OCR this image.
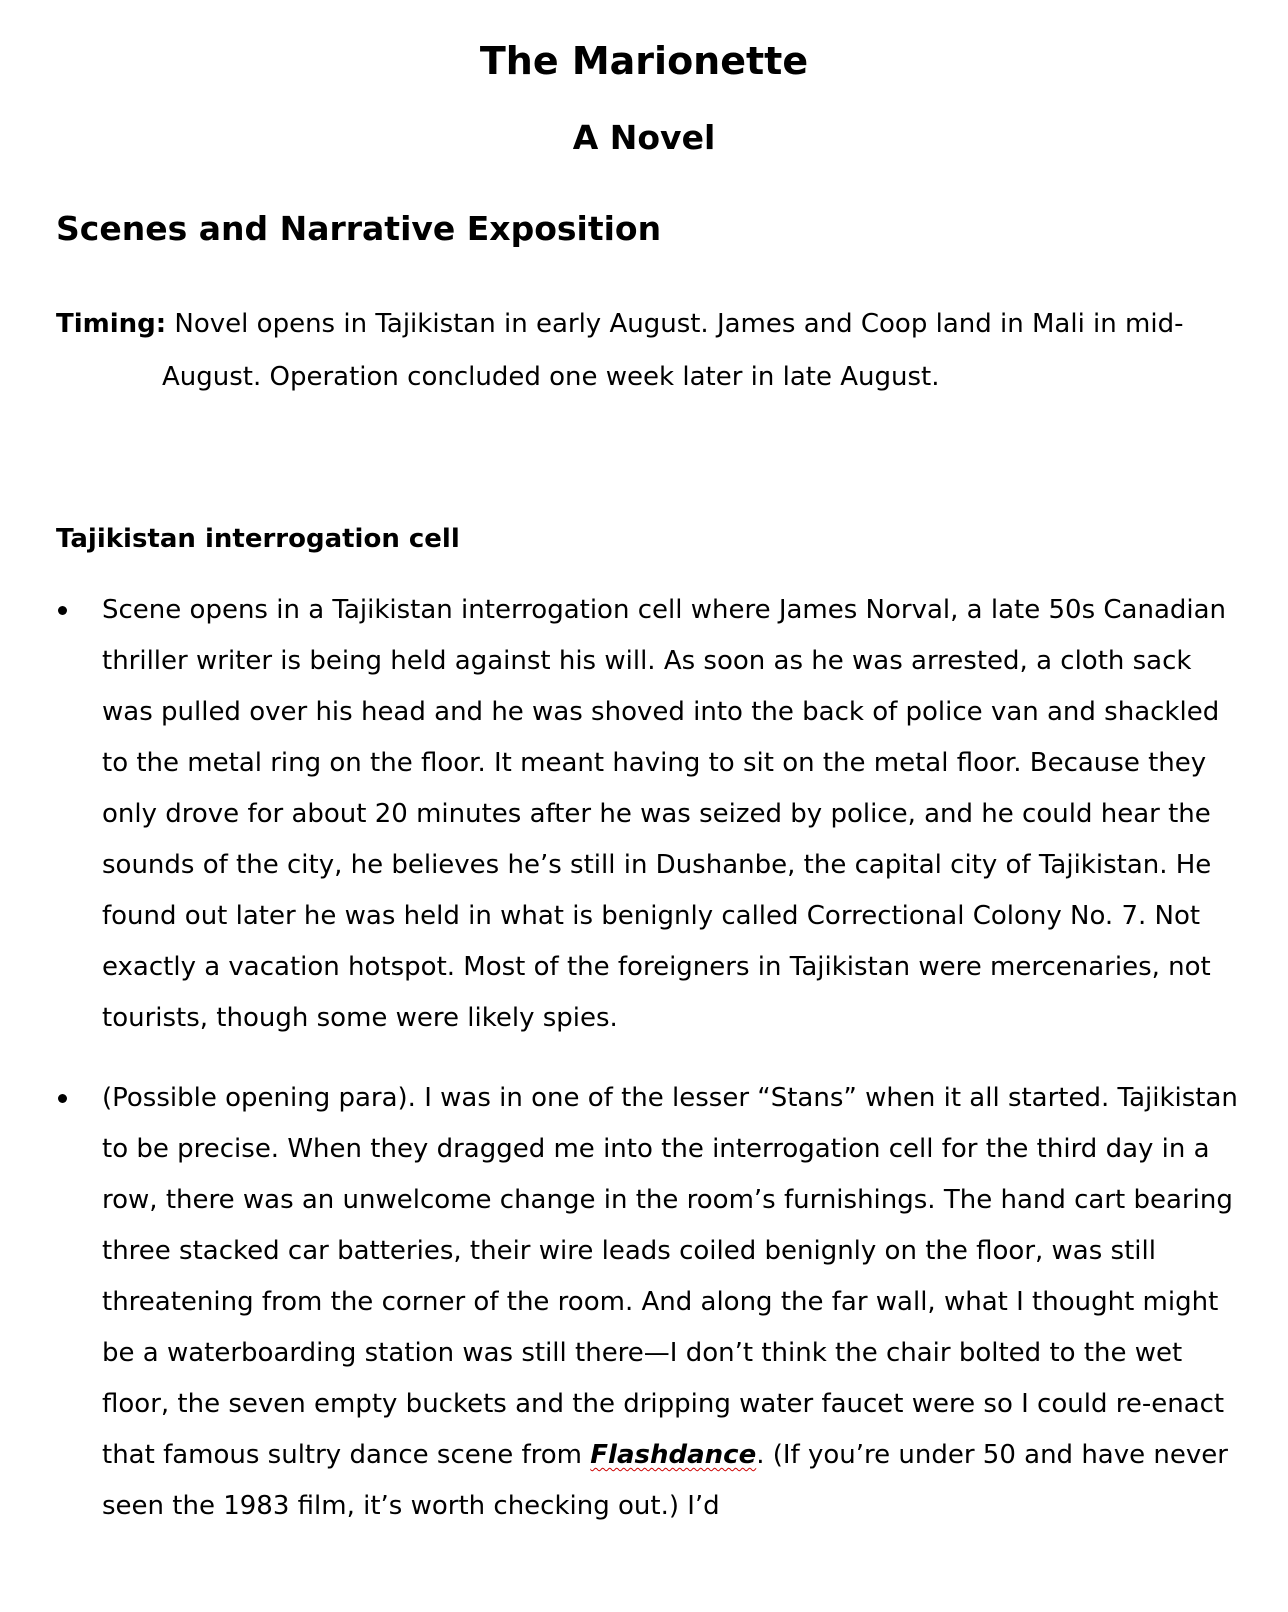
The Marionette
A Novel
Scenes and Narrative Exposition
Timing: Novel opens in Tajikistan in early August. James and Coop land in Mali in mid-August. Operation concluded one week later in late August.
Tajikistan interrogation cell
Scene opens in a Tajikistan interrogation cell where James Norval, a late 50s Canadian thriller writer is being held against his will. As soon as he was arrested, a cloth sack was pulled over his head and he was shoved into the back of police van and shackled to the metal ring on the floor. It meant having to sit on the metal floor. Because they only drove for about 20 minutes after he was seized by police, and he could hear the sounds of the city, he believes he’s still in Dushanbe, the capital city of Tajikistan. He found out later he was held in what is benignly called Correctional Colony No. 7. Not exactly a vacation hotspot. Most of the foreigners in Tajikistan were mercenaries, not tourists, though some were likely spies.
(Possible opening para). I was in one of the lesser “Stans” when it all started. Tajikistan to be precise. When they dragged me into the interrogation cell for the third day in a row, there was an unwelcome change in the room’s furnishings. The hand cart bearing three stacked car batteries, their wire leads coiled benignly on the floor, was still threatening from the corner of the room. And along the far wall, what I thought might be a waterboarding station was still there—I don’t think the chair bolted to the wet floor, the seven empty buckets and the dripping water faucet were so I could re-enact that famous sultry dance scene from Flashdance. (If you’re under 50 and have never seen the 1983 film, it’s worth checking out.) I’d
